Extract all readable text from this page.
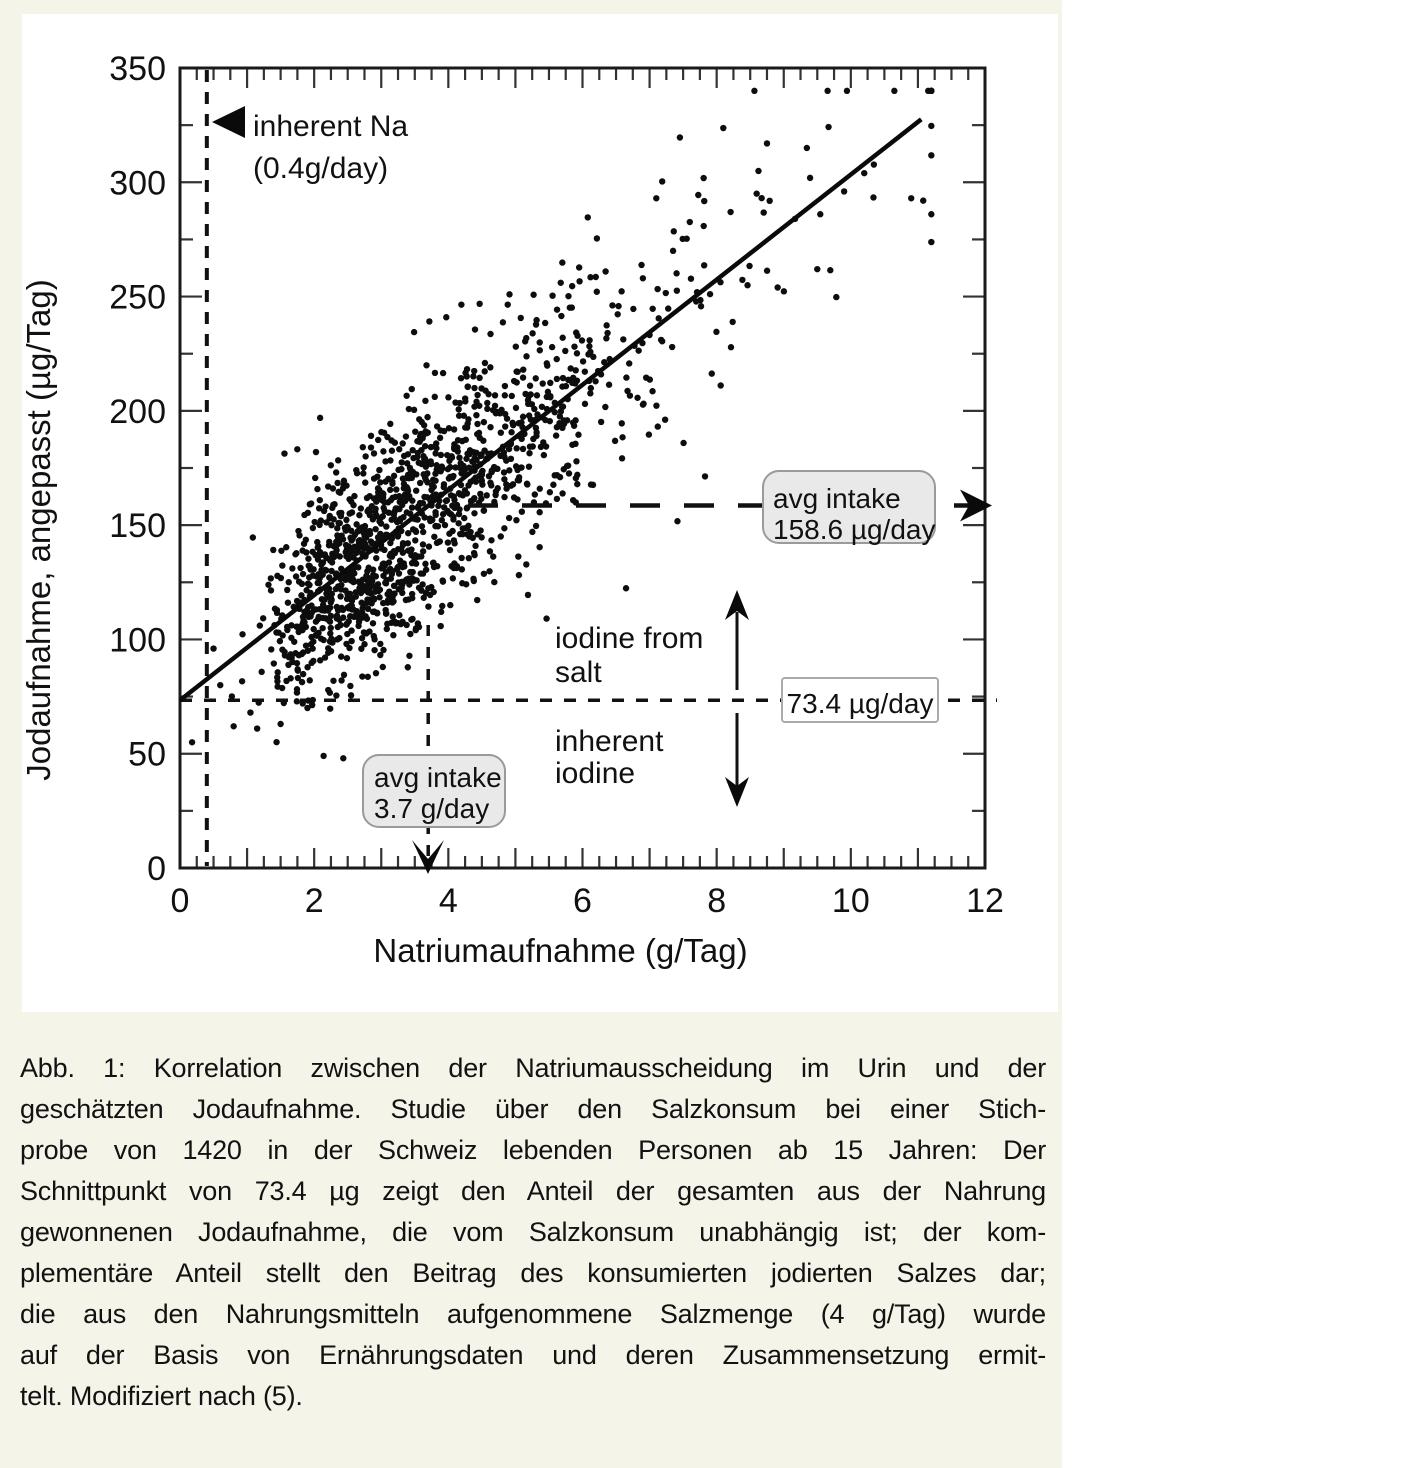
0	2	4	6	8	10	12
0
50
100
150
200
250
300
350
Natriumaufnahme (g/Tag)
Jodaufnahme, angepasst (µg/Tag)
inherent Na
(0.4g/day)
iodine from
salt
inherent
iodine
avg intake
158.6 µg/day
73.4 µg/day
avg intake
3.7 g/day
Abb. 1: Korrelation zwischen der Natriumausscheidung im Urin und der
geschätzten Jodaufnahme. Studie über den Salzkonsum bei einer Stich-
probe von 1420 in der Schweiz lebenden Personen ab 15 Jahren: Der
Schnittpunkt von 73.4 µg zeigt den Anteil der gesamten aus der Nahrung
gewonnenen Jodaufnahme, die vom Salzkonsum unabhängig ist; der kom-
plementäre Anteil stellt den Beitrag des konsumierten jodierten Salzes dar;
die aus den Nahrungsmitteln aufgenommene Salzmenge (4 g/Tag) wurde
auf der Basis von Ernährungsdaten und deren Zusammensetzung ermit-
telt. Modifiziert nach (5).
